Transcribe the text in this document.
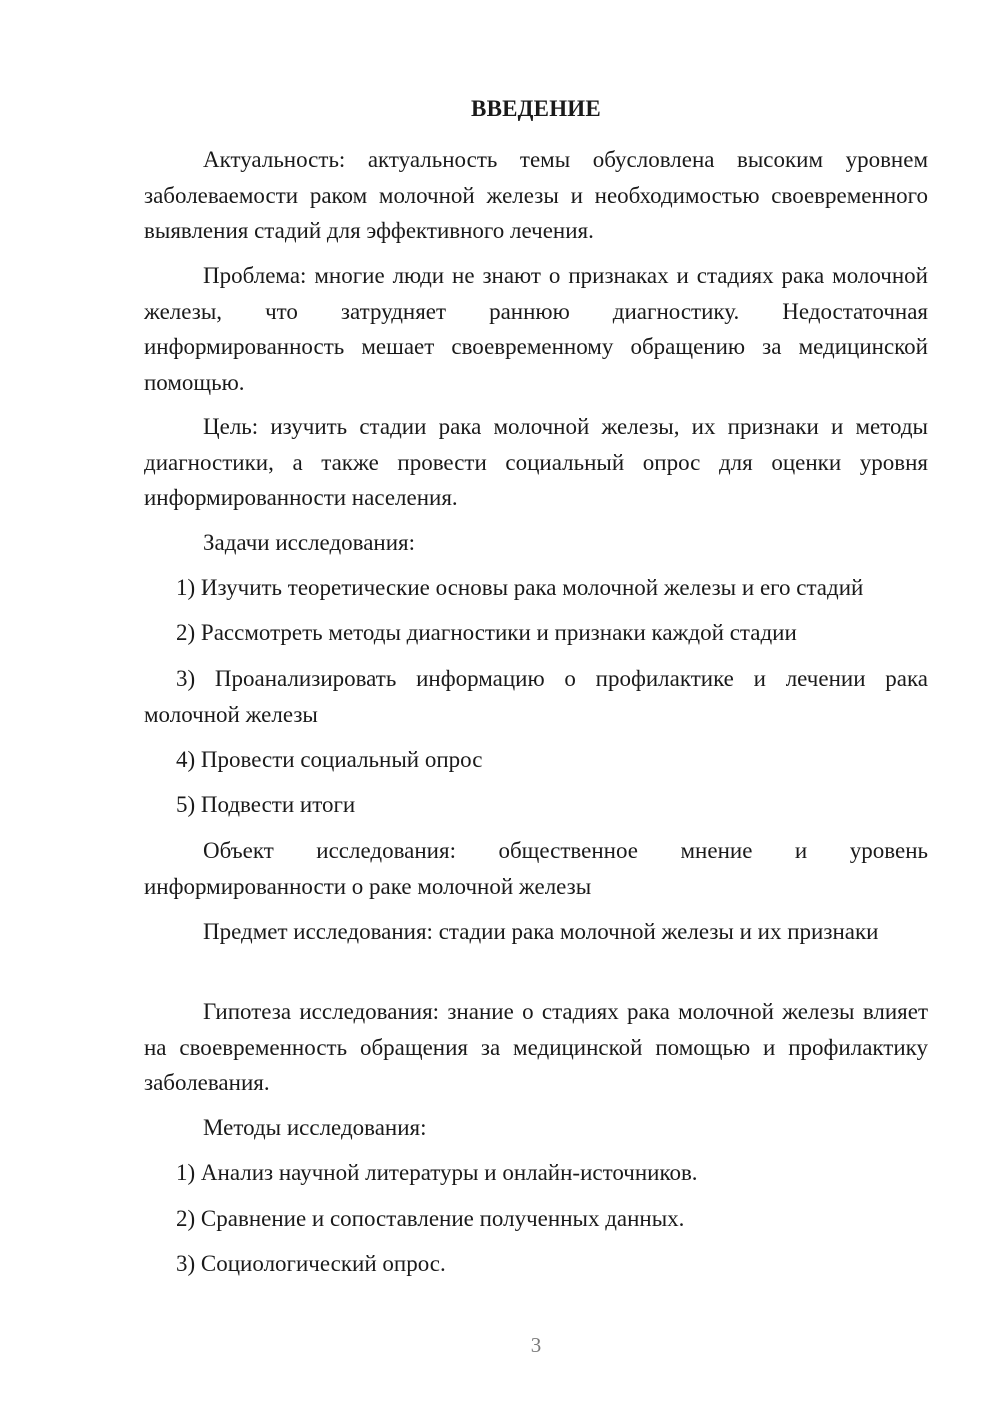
ВВЕДЕНИЕ
Актуальность: актуальность темы обусловлена высоким уровнем заболеваемости раком молочной железы и необходимостью своевременного выявления стадий для эффективного лечения.
Проблема: многие люди не знают о признаках и стадиях рака молочной железы, что затрудняет раннюю диагностику. Недостаточная информированность мешает своевременному обращению за медицинской помощью.
Цель: изучить стадии рака молочной железы, их признаки и методы диагностики, а также провести социальный опрос для оценки уровня информированности населения.
Задачи исследования:
1) Изучить теоретические основы рака молочной железы и его стадий
2) Рассмотреть методы диагностики и признаки каждой стадии
3) Проанализировать информацию о профилактике и лечении рака молочной железы
4) Провести социальный опрос
5) Подвести итоги
Объект исследования: общественное мнение и уровень информированности о раке молочной железы
Предмет исследования: стадии рака молочной железы и их признаки
Гипотеза исследования: знание о стадиях рака молочной железы влияет на своевременность обращения за медицинской помощью и профилактику заболевания.
Методы исследования:
1) Анализ научной литературы и онлайн-источников.
2) Сравнение и сопоставление полученных данных.
3) Социологический опрос.
3
